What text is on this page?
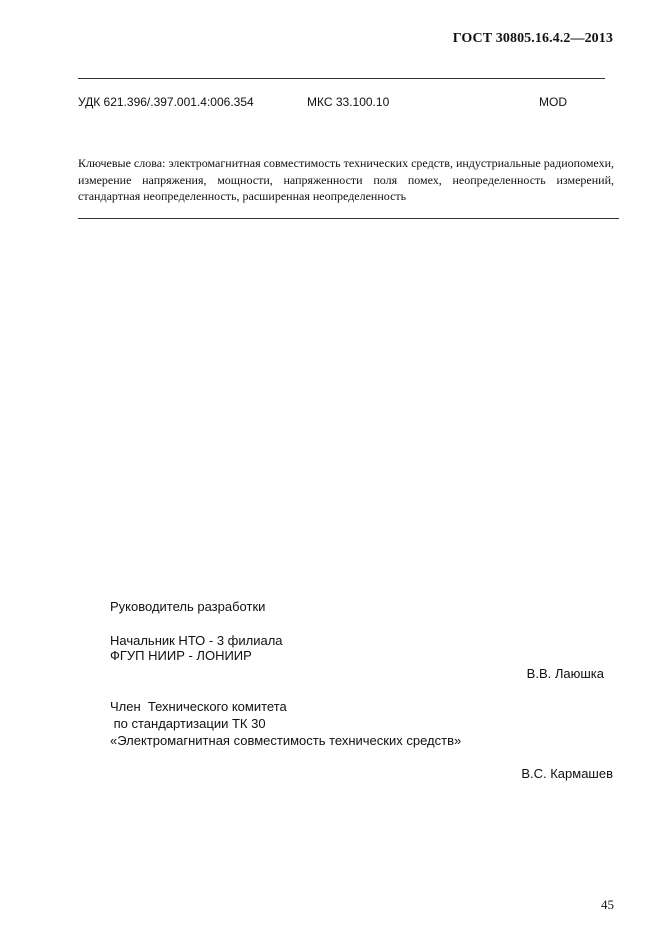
ГОСТ 30805.16.4.2—2013
УДК 621.396/.397.001.4:006.354	МКС 33.100.10	MOD
Ключевые слова: электромагнитная совместимость технических средств, индустриальные радиопомехи, измерение напряжения, мощности, напряженности поля помех, неопределенность измерений, стандартная неопределенность, расширенная неопределенность
Руководитель разработки
Начальник НТО - 3 филиала
ФГУП НИИР - ЛОНИИР
В.В. Лаюшка
Член  Технического комитета
по стандартизации ТК 30
«Электромагнитная совместимость технических средств»
В.С. Кармашев
45
